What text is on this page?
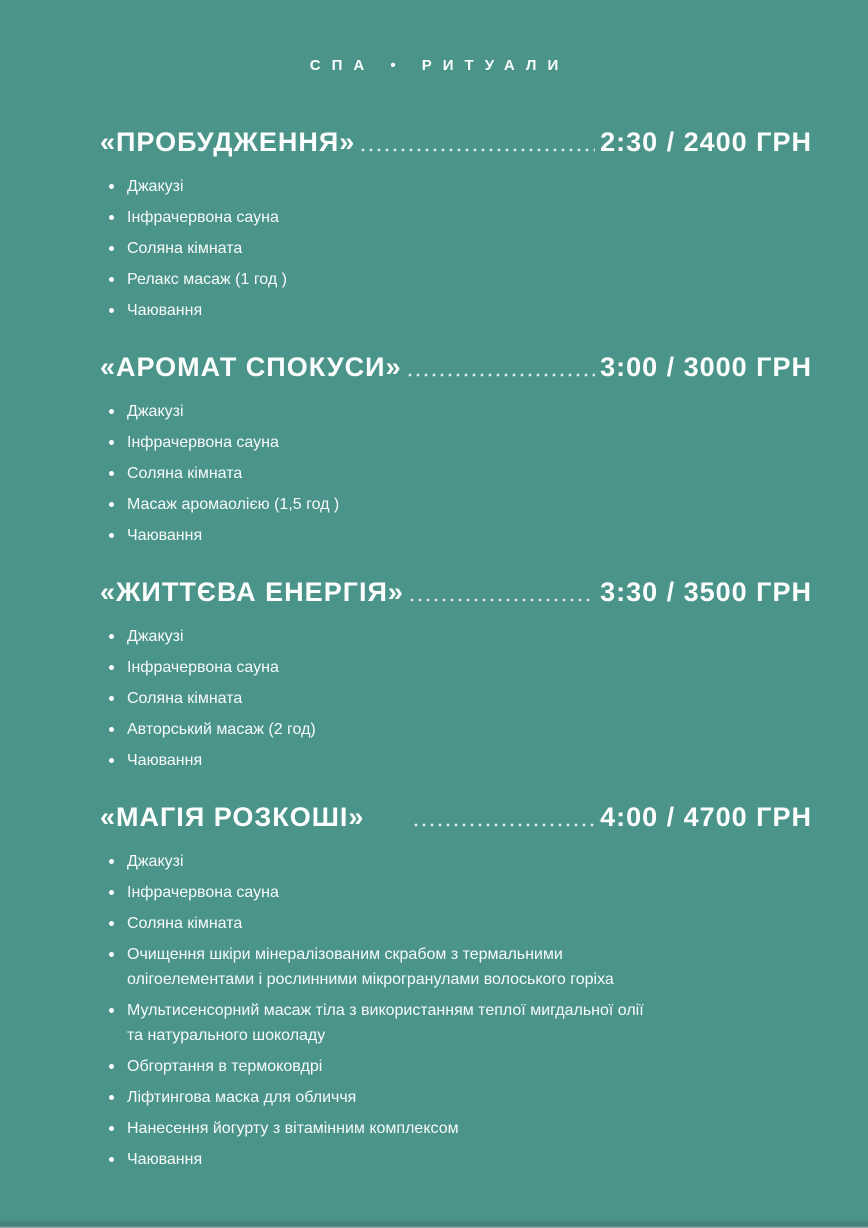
СПА • РИТУАЛИ
«ПРОБУДЖЕННЯ»	2:30 / 2400 ГРН
Джакузі
Інфрачервона сауна
Соляна кімната
Релакс масаж (1 год )
Чаювання
«АРОМАТ СПОКУСИ»	3:00 / 3000 ГРН
Джакузі
Інфрачервона сауна
Соляна кімната
Масаж аромаолією (1,5 год )
Чаювання
«ЖИТТЄВА ЕНЕРГІЯ»	3:30 / 3500 ГРН
Джакузі
Інфрачервона сауна
Соляна кімната
Авторський масаж (2 год)
Чаювання
«МАГІЯ РОЗКОШІ»	4:00 / 4700 ГРН
Джакузі
Інфрачервона сауна
Соляна кімната
Очищення шкіри мінералізованим скрабом з термальними олігоелементами і рослинними мікрогранулами волоського горіха
Мультисенсорний масаж тіла з використанням теплої мигдальної олії та натурального шоколаду
Обгортання в термоковдрі
Ліфтингова маска для обличчя
Нанесення йогурту з вітамінним комплексом
Чаювання
